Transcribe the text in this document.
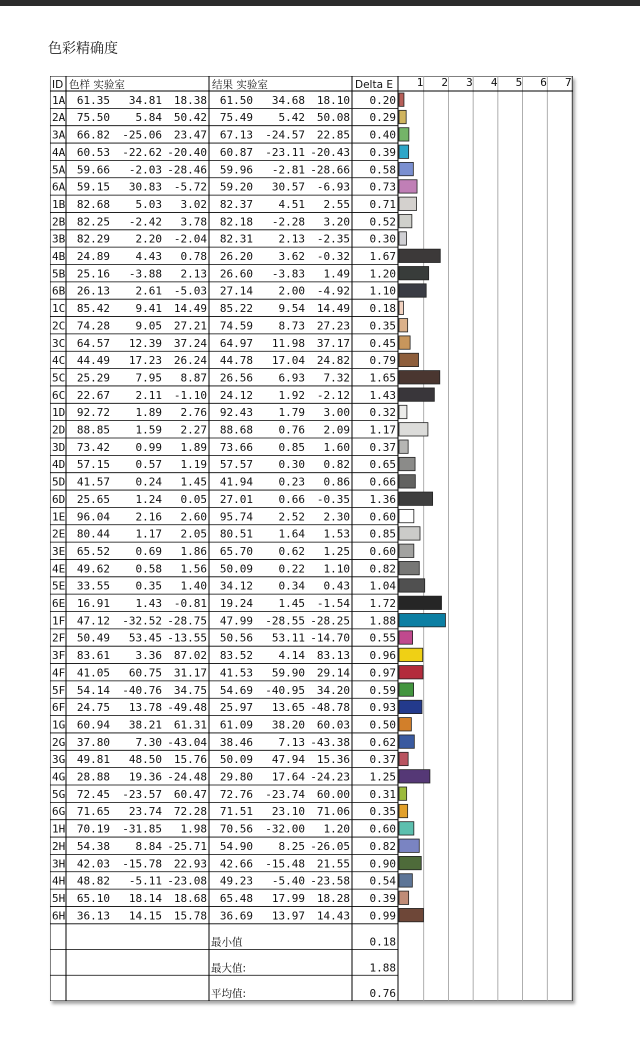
色彩精确度
ID 色样 实验室	结果 实验室	Delta E 1 2 3 4 5 6 7
1A 61.35 34.81 18.38 61.50 34.68 18.10 0.20
2A 75.50 5.84 50.42 75.49 5.42 50.08 0.29
3A 66.82 -25.06 23.47 67.13 -24.57 22.85 0.40
4A 60.53 -22.62 -20.40 60.87 -23.11 -20.43 0.39
5A 59.66 -2.03 -28.46 59.96 -2.81 -28.66 0.58
6A 59.15 30.83 -5.72 59.20 30.57 -6.93 0.73
1B 82.68 5.03 3.02 82.37 4.51 2.55 0.71
2B 82.25 -2.42 3.78 82.18 -2.28 3.20 0.52
3B 82.29 2.20 -2.04 82.31 2.13 -2.35 0.30
4B 24.89 4.43 0.78 26.20 3.62 -0.32 1.67
5B 25.16 -3.88 2.13 26.60 -3.83 1.49 1.20
6B 26.13 2.61 -5.03 27.14 2.00 -4.92 1.10
1C 85.42 9.41 14.49 85.22 9.54 14.49 0.18
2C 74.28 9.05 27.21 74.59 8.73 27.23 0.35
3C 64.57 12.39 37.24 64.97 11.98 37.17 0.45
4C 44.49 17.23 26.24 44.78 17.04 24.82 0.79
5C 25.29 7.95 8.87 26.56 6.93 7.32 1.65
6C 22.67 2.11 -1.10 24.12 1.92 -2.12 1.43
1D 92.72 1.89 2.76 92.43 1.79 3.00 0.32
2D 88.85 1.59 2.27 88.68 0.76 2.09 1.17
3D 73.42 0.99 1.89 73.66 0.85 1.60 0.37
4D 57.15 0.57 1.19 57.57 0.30 0.82 0.65
5D 41.57 0.24 1.45 41.94 0.23 0.86 0.66
6D 25.65 1.24 0.05 27.01 0.66 -0.35 1.36
1E 96.04 2.16 2.60 95.74 2.52 2.30 0.60
2E 80.44 1.17 2.05 80.51 1.64 1.53 0.85
3E 65.52 0.69 1.86 65.70 0.62 1.25 0.60
4E 49.62 0.58 1.56 50.09 0.22 1.10 0.82
5E 33.55 0.35 1.40 34.12 0.34 0.43 1.04
6E 16.91 1.43 -0.81 19.24 1.45 -1.54 1.72
1F 47.12 -32.52 -28.75 47.99 -28.55 -28.25 1.88
2F 50.49 53.45 -13.55 50.56 53.11 -14.70 0.55
3F 83.61 3.36 87.02 83.52 4.14 83.13 0.96
4F 41.05 60.75 31.17 41.53 59.90 29.14 0.97
5F 54.14 -40.76 34.75 54.69 -40.95 34.20 0.59
6F 24.75 13.78 -49.48 25.97 13.65 -48.78 0.93
1G 60.94 38.21 61.31 61.09 38.20 60.03 0.50
2G 37.80 7.30 -43.04 38.46 7.13 -43.38 0.62
3G 49.81 48.50 15.76 50.09 47.94 15.36 0.37
4G 28.88 19.36 -24.48 29.80 17.64 -24.23 1.25
5G 72.45 -23.57 60.47 72.76 -23.74 60.00 0.31
6G 71.65 23.74 72.28 71.51 23.10 71.06 0.35
1H 70.19 -31.85 1.98 70.56 -32.00 1.20 0.60
2H 54.38 8.84 -25.71 54.90 8.25 -26.05 0.82
3H 42.03 -15.78 22.93 42.66 -15.48 21.55 0.90
4H 48.82 -5.11 -23.08 49.23 -5.40 -23.58 0.54
5H 65.10 18.14 18.68 65.48 17.99 18.28 0.39
6H 36.13 14.15 15.78 36.69 13.97 14.43 0.99
最小值	0.18
最大值:	1.88
平均值:	0.76
